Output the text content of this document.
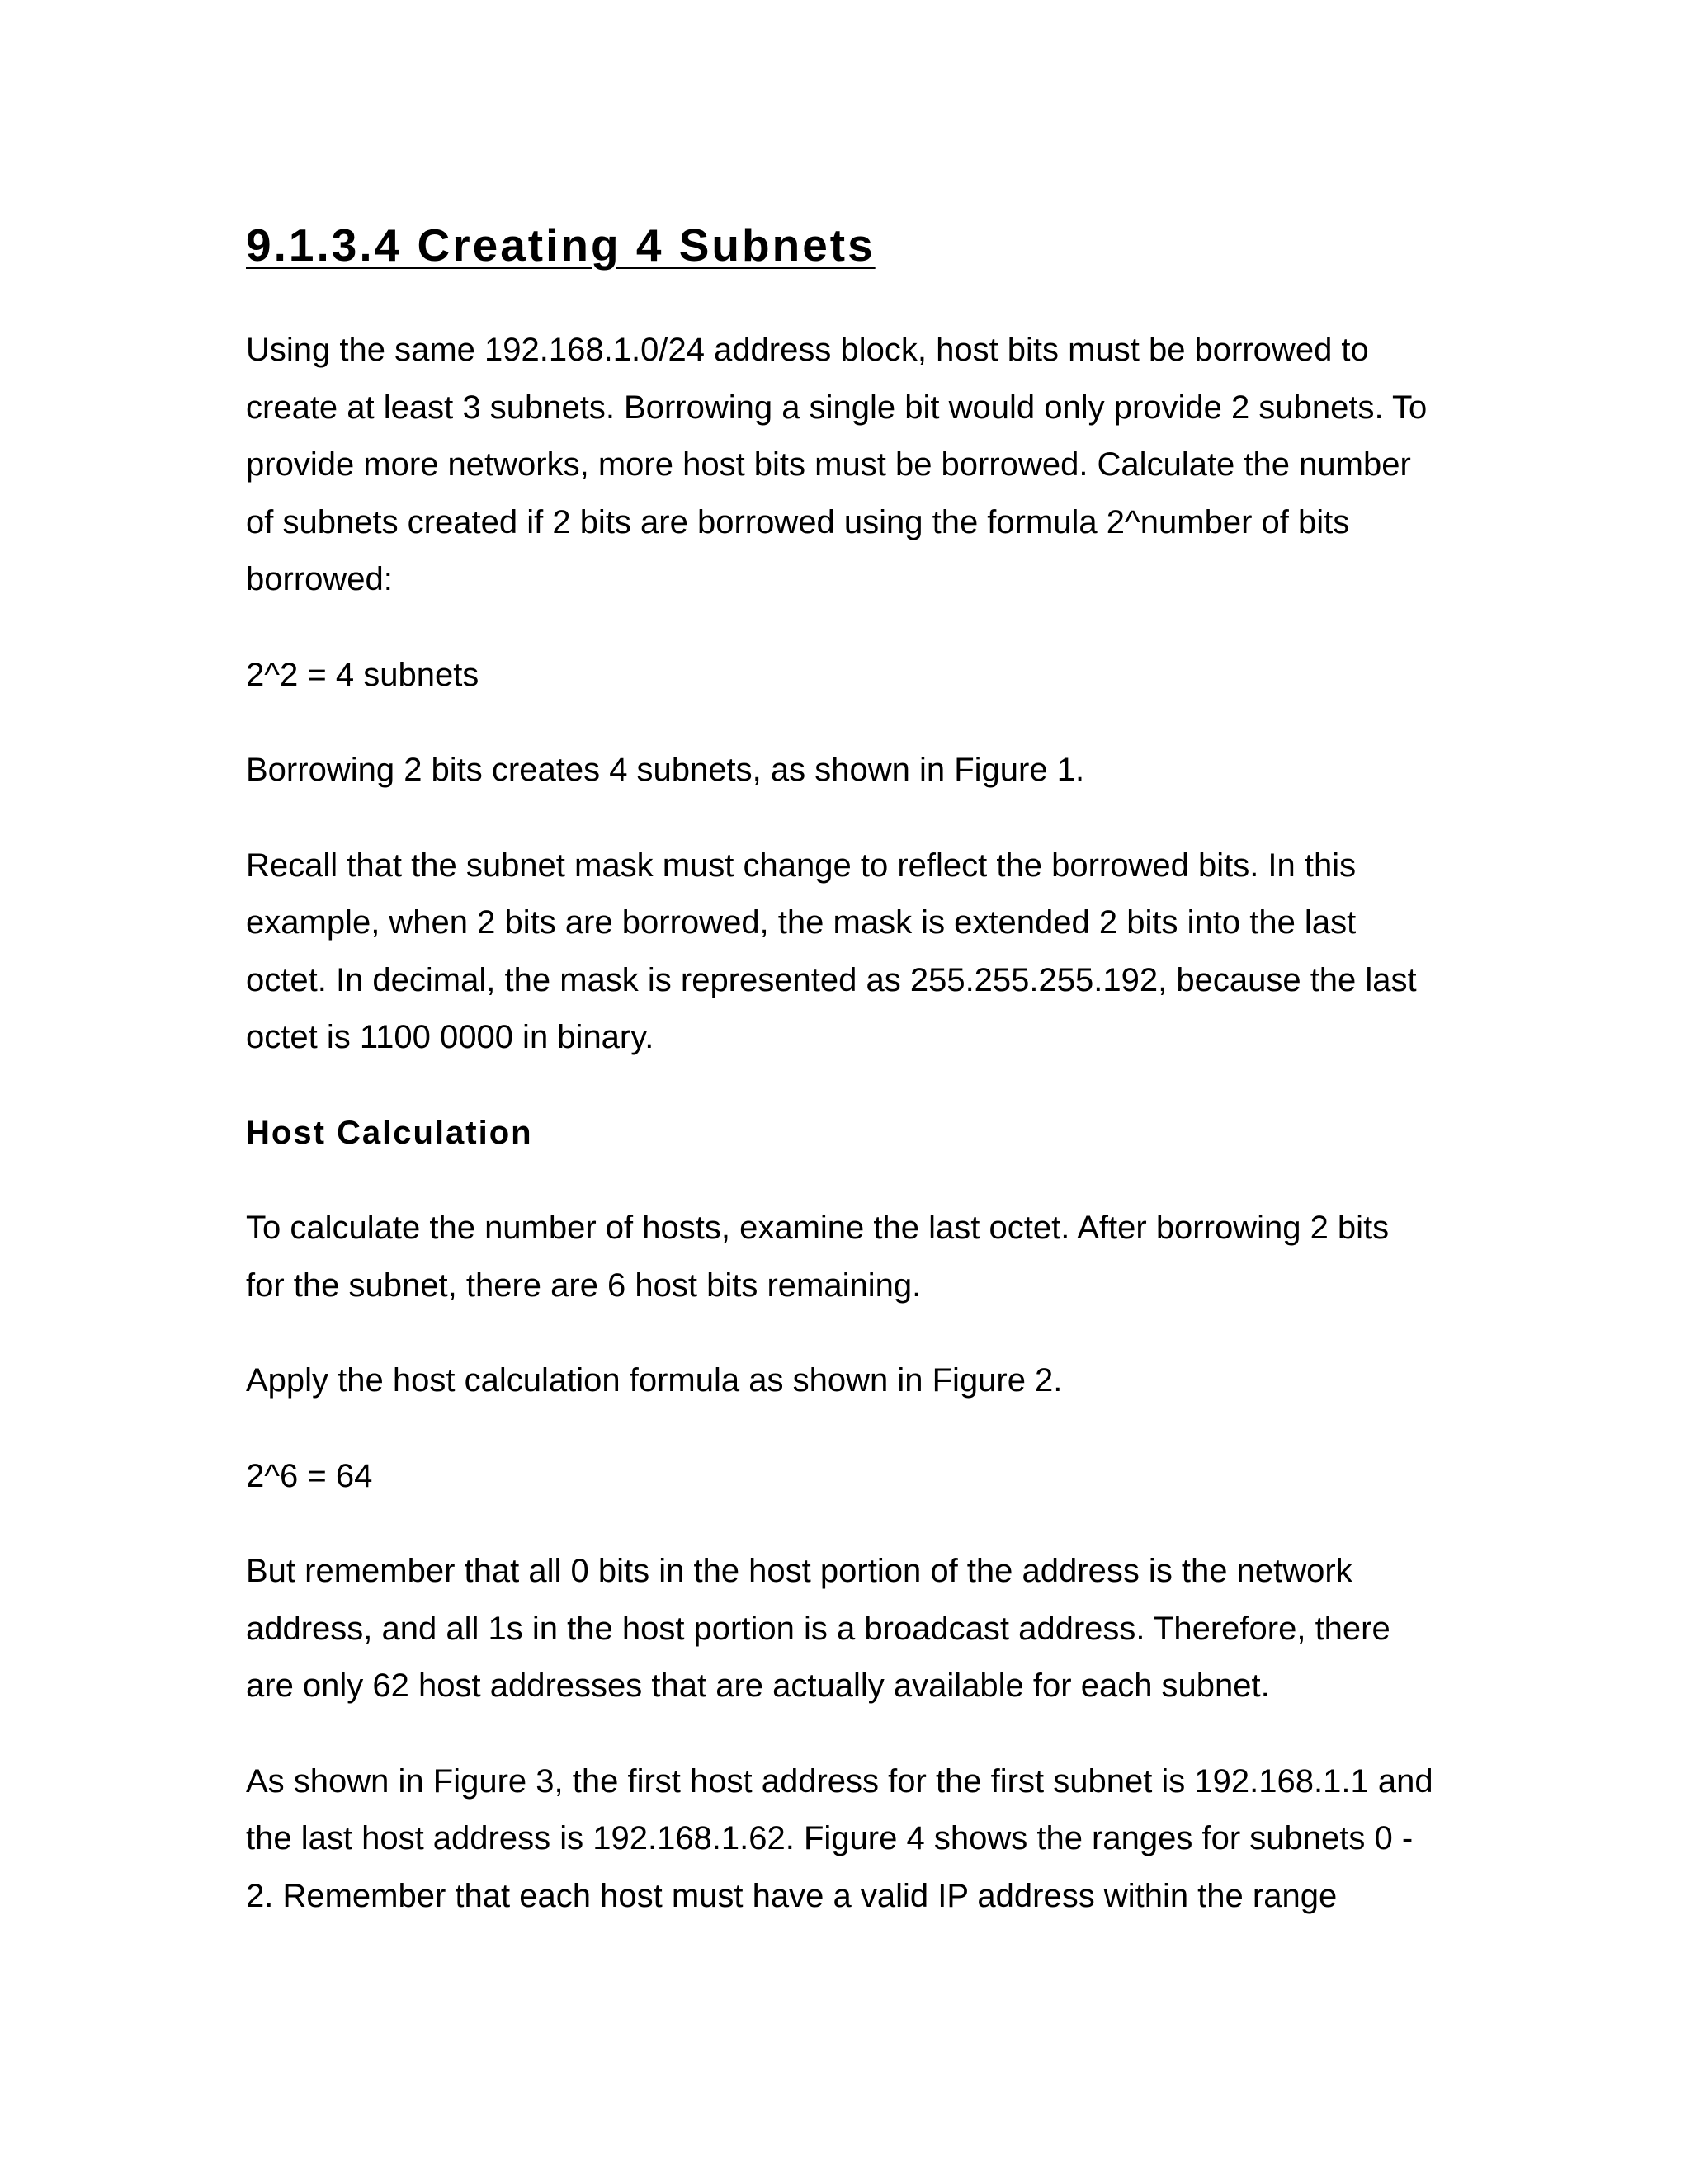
9.1.3.4 Creating 4 Subnets

Using the same 192.168.1.0/24 address block, host bits must be borrowed to
create at least 3 subnets. Borrowing a single bit would only provide 2 subnets. To
provide more networks, more host bits must be borrowed. Calculate the number
of subnets created if 2 bits are borrowed using the formula 2^number of bits
borrowed:

2^2 = 4 subnets

Borrowing 2 bits creates 4 subnets, as shown in Figure 1.

Recall that the subnet mask must change to reflect the borrowed bits. In this
example, when 2 bits are borrowed, the mask is extended 2 bits into the last
octet. In decimal, the mask is represented as 255.255.255.192, because the last
octet is 1100 0000 in binary.

Host Calculation

To calculate the number of hosts, examine the last octet. After borrowing 2 bits
for the subnet, there are 6 host bits remaining.

Apply the host calculation formula as shown in Figure 2.

2^6 = 64

But remember that all 0 bits in the host portion of the address is the network
address, and all 1s in the host portion is a broadcast address. Therefore, there
are only 62 host addresses that are actually available for each subnet.

As shown in Figure 3, the first host address for the first subnet is 192.168.1.1 and
the last host address is 192.168.1.62. Figure 4 shows the ranges for subnets 0 -
2. Remember that each host must have a valid IP address within the range
